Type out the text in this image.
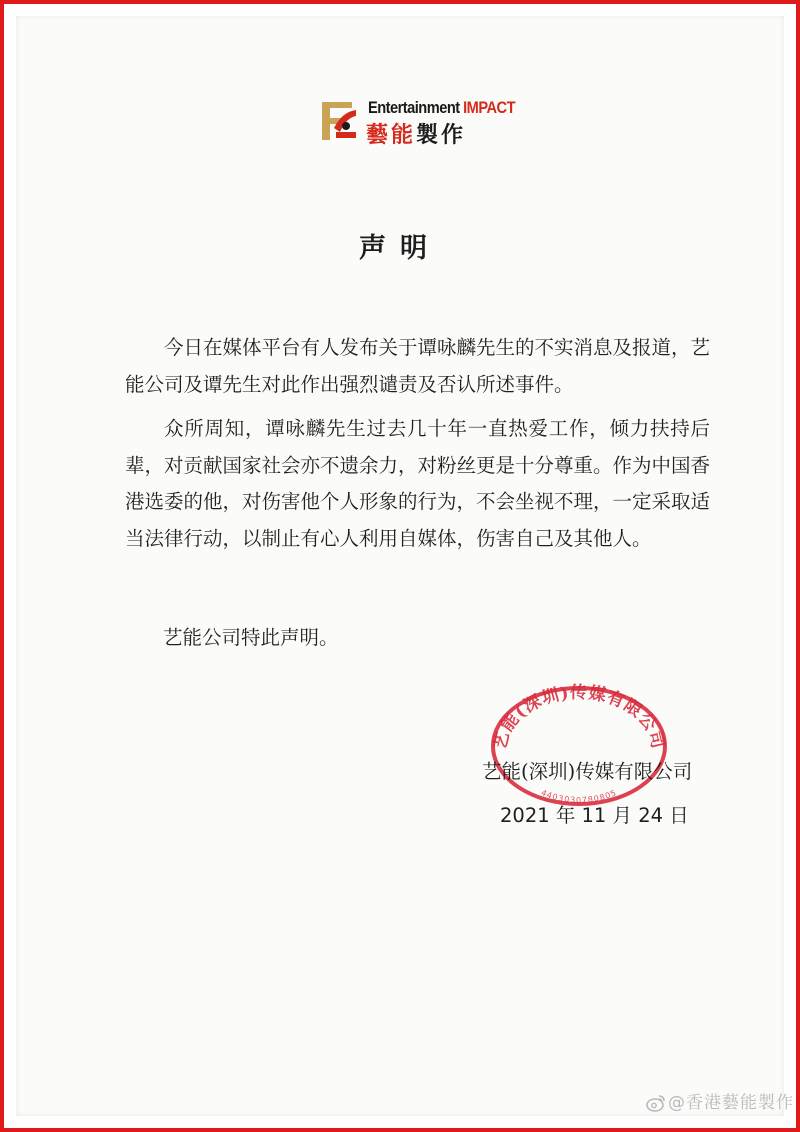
Entertainment IMPACT
藝能製作
声明

今日在媒体平台有人发布关于谭咏麟先生的不实消息及报道，艺能公司及谭先生对此作出强烈谴责及否认所述事件。

众所周知，谭咏麟先生过去几十年一直热爱工作，倾力扶持后辈，对贡献国家社会亦不遗余力，对粉丝更是十分尊重。作为中国香港选委的他，对伤害他个人形象的行为，不会坐视不理，一定采取适当法律行动，以制止有心人利用自媒体，伤害自己及其他人。

艺能公司特此声明。
艺能(深圳)传媒有限公司
4403030780805
艺能(深圳)传媒有限公司
2021 年 11 月 24 日
@香港藝能製作
